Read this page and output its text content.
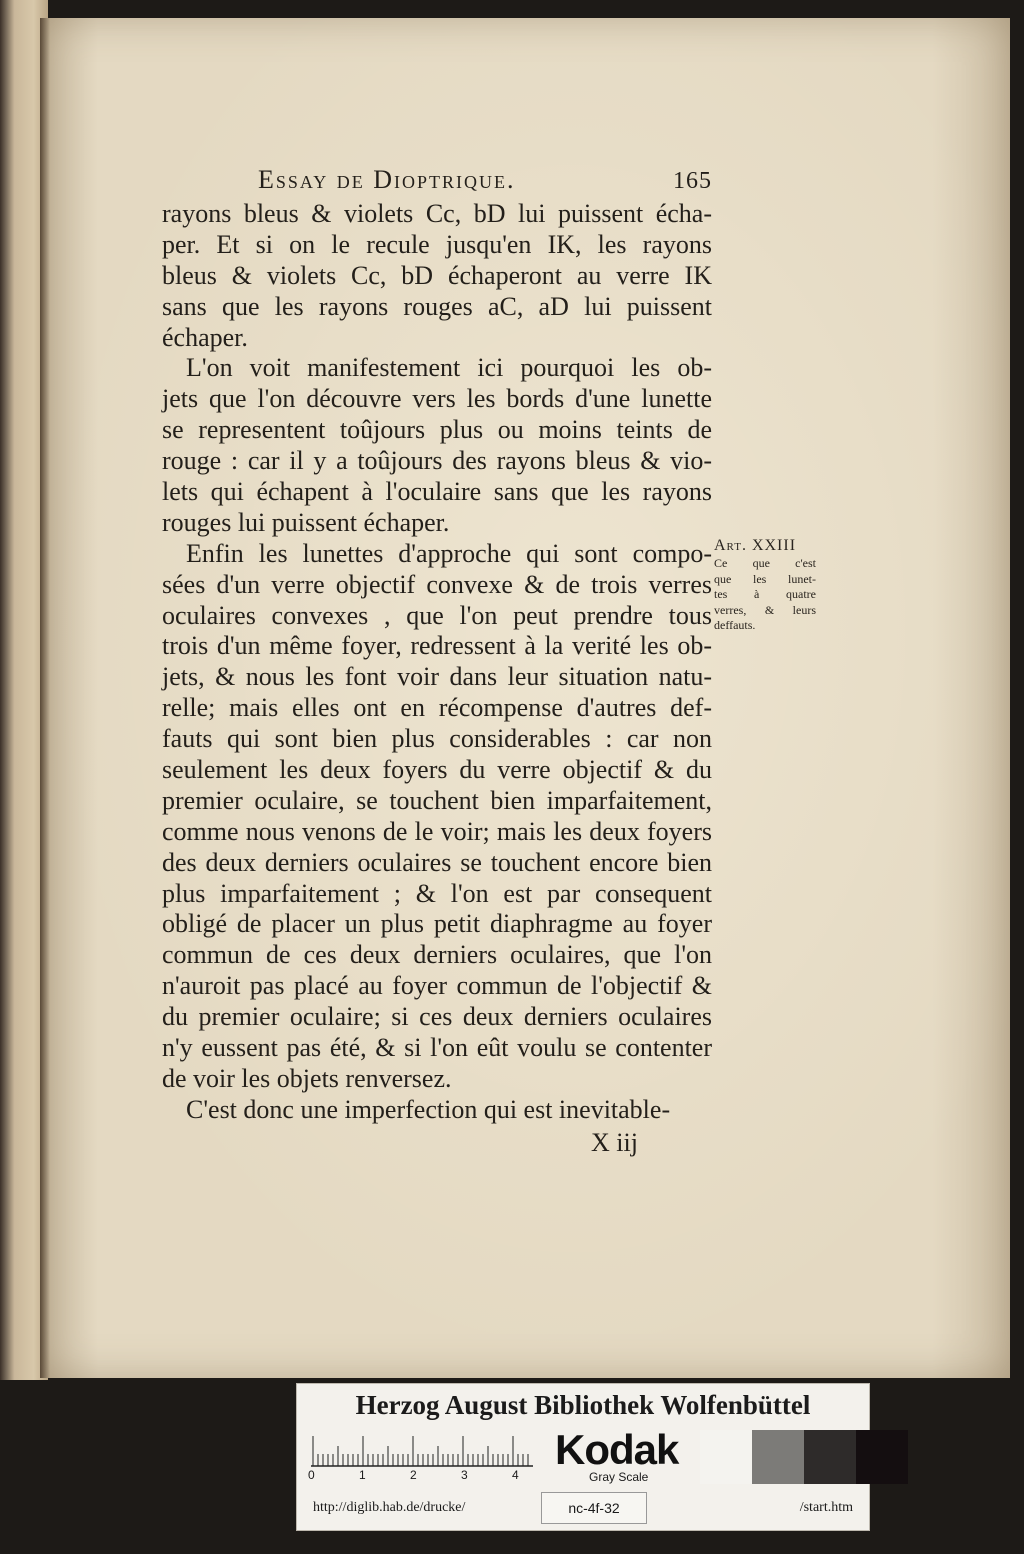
Essay de Dioptrique.	165
rayons bleus & violets Cc, bD lui puissent écha-
per. Et si on le recule jusqu'en IK, les rayons
bleus & violets Cc, bD échaperont au verre IK
sans que les rayons rouges aC, aD lui puissent
échaper.
L'on voit manifestement ici pourquoi les ob-
jets que l'on découvre vers les bords d'une lunette
se representent toûjours plus ou moins teints de
rouge : car il y a toûjours des rayons bleus & vio-
lets qui échapent à l'oculaire sans que les rayons
rouges lui puissent échaper.
Enfin les lunettes d'approche qui sont compo-
sées d'un verre objectif convexe & de trois verres
oculaires convexes , que l'on peut prendre tous
trois d'un même foyer, redressent à la verité les ob-
jets, & nous les font voir dans leur situation natu-
relle; mais elles ont en récompense d'autres def-
fauts qui sont bien plus considerables : car non
seulement les deux foyers du verre objectif & du
premier oculaire, se touchent bien imparfaitement,
comme nous venons de le voir; mais les deux foyers
des deux derniers oculaires se touchent encore bien
plus imparfaitement ; & l'on est par consequent
obligé de placer un plus petit diaphragme au foyer
commun de ces deux derniers oculaires, que l'on
n'auroit pas placé au foyer commun de l'objectif &
du premier oculaire; si ces deux derniers oculaires
n'y eussent pas été, & si l'on eût voulu se contenter
de voir les objets renversez.
C'est donc une imperfection qui est inevitable-
X iij
Art. XXIII
Ce que c'est
que les lunet-
tes à quatre
verres, & leurs
deffauts.
Herzog August Bibliothek Wolfenbüttel
0	1	2	3	4
Kodak
Gray Scale
http://diglib.hab.de/drucke/	nc-4f-32	/start.htm
